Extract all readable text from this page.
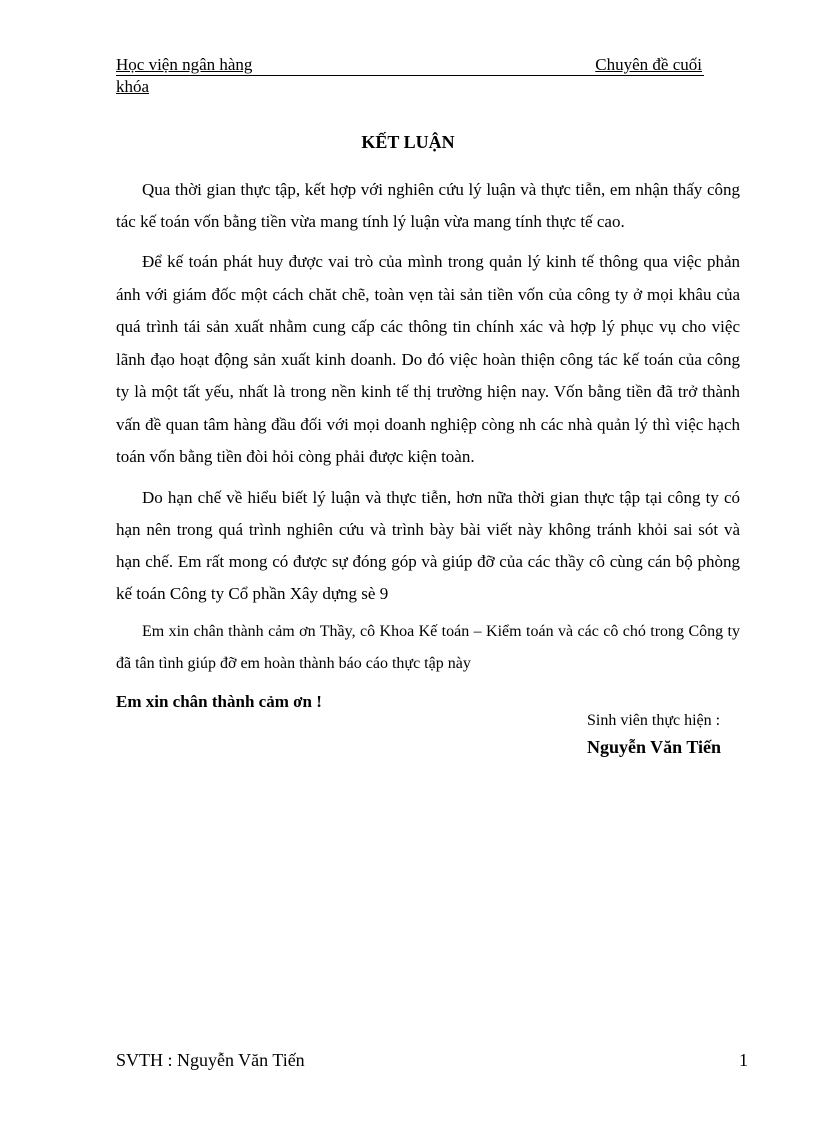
Học viện ngân hàng	Chuyên đề cuối
khóa
KẾT LUẬN

Qua thời gian thực tập, kết hợp với nghiên cứu lý luận và thực tiễn, em nhận thấy công tác kế toán vốn bằng tiền vừa mang tính lý luận vừa mang tính thực tế cao.

Để kế toán phát huy được vai trò của mình trong quản lý kinh tế thông qua việc phản ánh với giám đốc một cách chăt chẽ, toàn vẹn tài sản tiền vốn của công ty ở mọi khâu của quá trình tái sản xuất nhằm cung cấp các thông tin chính xác và hợp lý phục vụ cho việc lãnh đạo hoạt động sản xuất kinh doanh. Do đó việc hoàn thiện công tác kế toán của công ty là một tất yếu, nhất là trong nền kinh tế thị trường hiện nay. Vốn bằng tiền đã trở thành vấn đề quan tâm hàng đầu đối với mọi doanh nghiệp còng nh các nhà quản lý thì việc hạch toán vốn bằng tiền đòi hỏi còng phải được kiện toàn.

Do hạn chế về hiểu biết lý luận và thực tiễn, hơn nữa thời gian thực tập tại công ty có hạn nên trong quá trình nghiên cứu và trình bày bài viết này không tránh khỏi sai sót và hạn chế. Em rất mong có được sự đóng góp và giúp đỡ của các thầy cô cùng cán bộ phòng kế toán Công ty Cổ phần Xây dựng sè 9

Em xin chân thành cảm ơn Thầy, cô Khoa Kế toán – Kiểm toán và các cô chó trong Công ty đã tân tình giúp đỡ em hoàn thành báo cáo thực tập này

Em xin chân thành cảm ơn !

Sinh viên thực hiện :
Nguyễn Văn Tiến
SVTH : Nguyễn Văn Tiến	1
